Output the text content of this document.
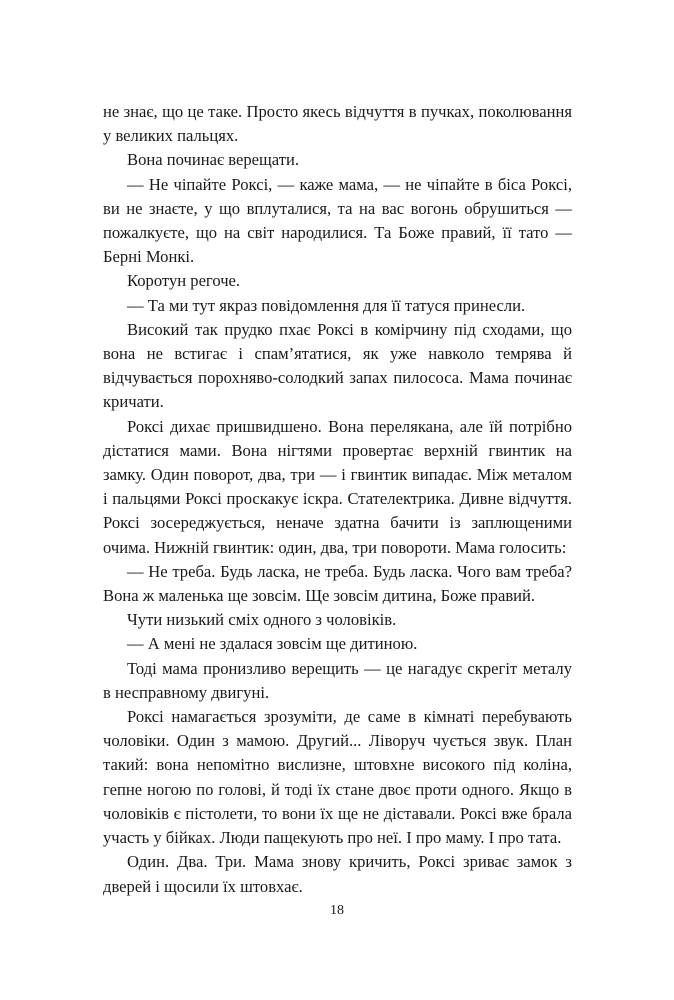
не знає, що це таке. Просто якесь відчуття в пучках, поколювання у великих пальцях.

Вона починає верещати.

— Не чіпайте Роксі, — каже мама, — не чіпайте в біса Роксі, ви не знаєте, у що вплуталися, та на вас вогонь обрушиться — пожалкуєте, що на світ народилися. Та Боже правий, її тато — Берні Монкі.

Коротун регоче.

— Та ми тут якраз повідомлення для її татуся принесли.

Високий так прудко пхає Роксі в комірчину під сходами, що вона не встигає і спам’ятатися, як уже навколо темрява й відчувається порохняво-солодкий запах пилососа. Мама починає кричати.

Роксі дихає пришвидшено. Вона перелякана, але їй потрібно дістатися мами. Вона нігтями провертає верхній гвинтик на замку. Один поворот, два, три — і гвинтик випадає. Між металом і пальцями Роксі проскакує іскра. Стателектрика. Дивне відчуття. Роксі зосереджується, неначе здатна бачити із заплющеними очима. Нижній гвинтик: один, два, три повороти. Мама голосить:

— Не треба. Будь ласка, не треба. Будь ласка. Чого вам треба? Вона ж маленька ще зовсім. Ще зовсім дитина, Боже правий.

Чути низький сміх одного з чоловіків.

— А мені не здалася зовсім ще дитиною.

Тоді мама пронизливо верещить — це нагадує скрегіт металу в несправному двигуні.

Роксі намагається зрозуміти, де саме в кімнаті перебувають чоловіки. Один з мамою. Другий... Ліворуч чується звук. План такий: вона непомітно вислизне, штовхне високого під коліна, гепне ногою по голові, й тоді їх стане двоє проти одного. Якщо в чоловіків є пістолети, то вони їх ще не діставали. Роксі вже брала участь у бійках. Люди пащекують про неї. І про маму. І про тата.

Один. Два. Три. Мама знову кричить, Роксі зриває замок з дверей і щосили їх штовхає.

18
